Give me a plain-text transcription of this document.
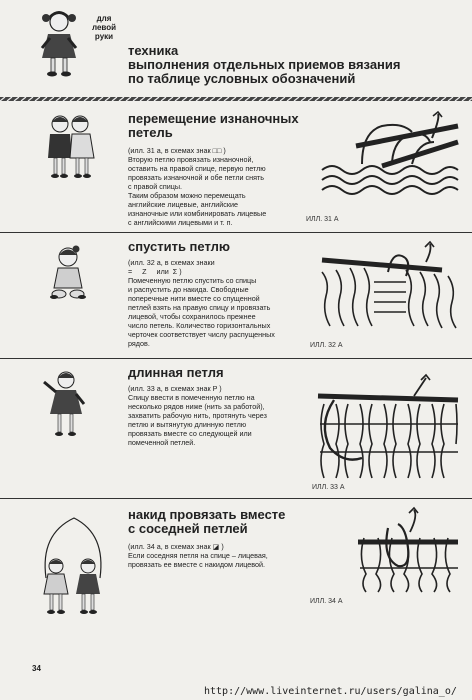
для
левой
руки
техника
выполнения отдельных приемов вязания
по таблице условных обозначений
перемещение изнаночных
петель

(илл. 31 а, в схемах знак □□ )

Вторую петлю провязать изнаночной,

оставить на правой спице, первую петлю

провязать изнаночной и обе петли снять

с правой спицы.

Таким образом можно перемещать

английские лицевые, английские

изнаночные или комбинировать лицевые

с английскими лицевыми и т. п.	ИЛЛ. 31 А
спустить петлю

(илл. 32 а, в схемах знаки

=     Z     или  Σ )

Помеченную петлю спустить со спицы

и распустить до накида. Свободные

поперечные нити вместе со спущенной

петлей взять на правую спицу и провязать

лицевой, чтобы сохранилось прежнее

число петель. Количество горизонтальных

черточек соответствует числу распущенных

рядов.	ИЛЛ. 32 А
длинная петля

(илл. 33 а, в схемах знак P )

Спицу ввести в помеченную петлю на

несколько рядов ниже (нить за работой),

захватить рабочую нить, протянуть через

петлю и вытянутую длинную петлю

провязать вместе со следующей или

помеченной петлей.

ИЛЛ. 33 А
накид провязать вместе
с соседней петлей

(илл. 34 а, в схемах знак ◪ )

Если соседняя петля на спице – лицевая,

провязать ее вместе с накидом лицевой.

ИЛЛ. 34 А
34
http://www.liveinternet.ru/users/galina_o/
